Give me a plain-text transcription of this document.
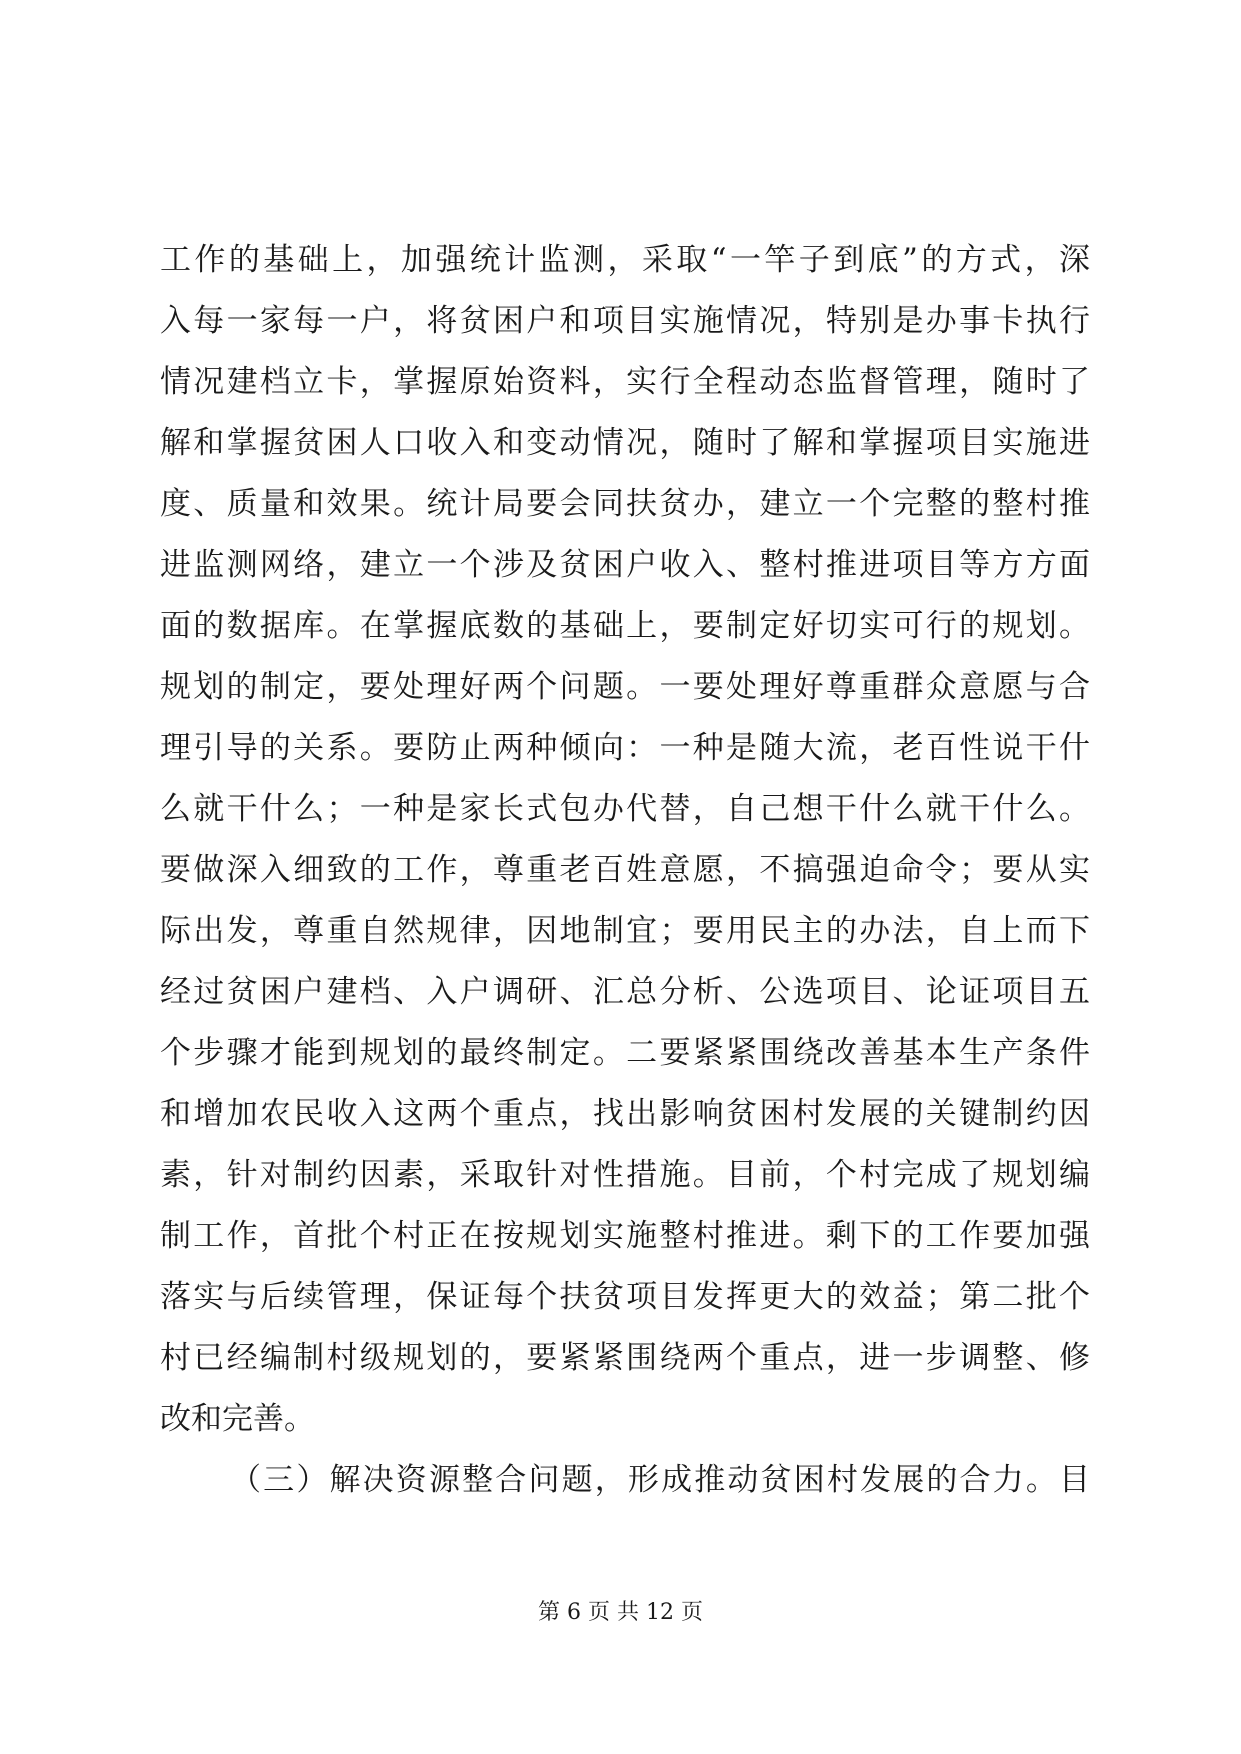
工作的基础上，加强统计监测，采取“一竿子到底”的方式，深
入每一家每一户，将贫困户和项目实施情况，特别是办事卡执行
情况建档立卡，掌握原始资料，实行全程动态监督管理，随时了
解和掌握贫困人口收入和变动情况，随时了解和掌握项目实施进
度、质量和效果。统计局要会同扶贫办，建立一个完整的整村推
进监测网络，建立一个涉及贫困户收入、整村推进项目等方方面
面的数据库。在掌握底数的基础上，要制定好切实可行的规划。
规划的制定，要处理好两个问题。一要处理好尊重群众意愿与合
理引导的关系。要防止两种倾向：一种是随大流，老百性说干什
么就干什么；一种是家长式包办代替，自己想干什么就干什么。
要做深入细致的工作，尊重老百姓意愿，不搞强迫命令；要从实
际出发，尊重自然规律，因地制宜；要用民主的办法，自上而下
经过贫困户建档、入户调研、汇总分析、公选项目、论证项目五
个步骤才能到规划的最终制定。二要紧紧围绕改善基本生产条件
和增加农民收入这两个重点，找出影响贫困村发展的关键制约因
素，针对制约因素，采取针对性措施。目前，个村完成了规划编
制工作，首批个村正在按规划实施整村推进。剩下的工作要加强
落实与后续管理，保证每个扶贫项目发挥更大的效益；第二批个
村已经编制村级规划的，要紧紧围绕两个重点，进一步调整、修
改和完善。
（三）解决资源整合问题，形成推动贫困村发展的合力。目
第 6 页 共 12 页
